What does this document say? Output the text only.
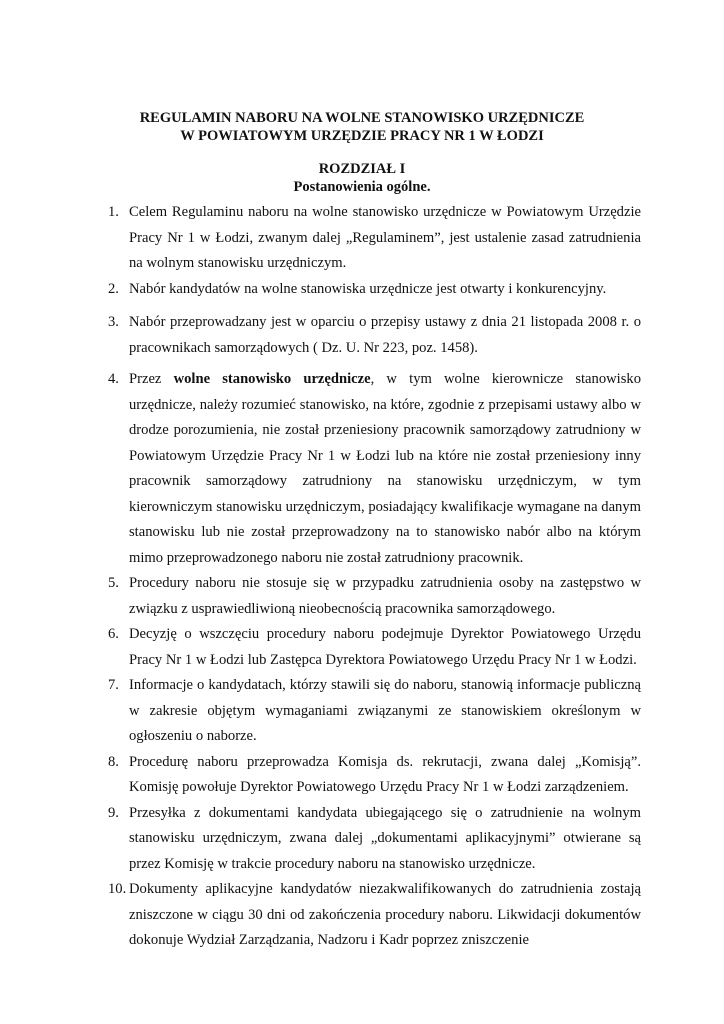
REGULAMIN NABORU NA WOLNE STANOWISKO URZĘDNICZE
W POWIATOWYM URZĘDZIE PRACY NR 1 W ŁODZI
ROZDZIAŁ I
Postanowienia ogólne.
1. Celem Regulaminu naboru na wolne stanowisko urzędnicze w Powiatowym Urzędzie Pracy Nr 1 w Łodzi, zwanym dalej „Regulaminem”, jest ustalenie zasad zatrudnienia na wolnym stanowisku urzędniczym.
2. Nabór kandydatów na wolne stanowiska urzędnicze jest otwarty i konkurencyjny.
3. Nabór przeprowadzany jest w oparciu o przepisy ustawy z dnia 21 listopada 2008 r. o pracownikach samorządowych ( Dz. U. Nr 223, poz. 1458).
4. Przez wolne stanowisko urzędnicze, w tym wolne kierownicze stanowisko urzędnicze, należy rozumieć stanowisko, na które, zgodnie z przepisami ustawy albo w drodze porozumienia, nie został przeniesiony pracownik samorządowy zatrudniony w Powiatowym Urzędzie Pracy Nr 1 w Łodzi lub na które nie został przeniesiony inny pracownik samorządowy zatrudniony na stanowisku urzędniczym, w tym kierowniczym stanowisku urzędniczym, posiadający kwalifikacje wymagane na danym stanowisku lub nie został przeprowadzony na to stanowisko nabór albo na którym mimo przeprowadzonego naboru nie został zatrudniony pracownik.
5. Procedury naboru nie stosuje się w przypadku zatrudnienia osoby na zastępstwo w związku z usprawiedliwioną nieobecnością pracownika samorządowego.
6. Decyzję o wszczęciu procedury naboru podejmuje Dyrektor Powiatowego Urzędu Pracy Nr 1 w Łodzi lub Zastępca Dyrektora Powiatowego Urzędu Pracy Nr 1 w Łodzi.
7. Informacje o kandydatach, którzy stawili się do naboru, stanowią informacje publiczną w zakresie objętym wymaganiami związanymi ze stanowiskiem określonym w ogłoszeniu o naborze.
8. Procedurę naboru przeprowadza Komisja ds. rekrutacji, zwana dalej „Komisją”. Komisję powołuje Dyrektor Powiatowego Urzędu Pracy Nr 1 w Łodzi zarządzeniem.
9. Przesyłka z dokumentami kandydata ubiegającego się o zatrudnienie na wolnym stanowisku urzędniczym, zwana dalej „dokumentami aplikacyjnymi” otwierane są przez Komisję w trakcie procedury naboru na stanowisko urzędnicze.
10. Dokumenty aplikacyjne kandydatów niezakwalifikowanych do zatrudnienia zostają zniszczone w ciągu 30 dni od zakończenia procedury naboru. Likwidacji dokumentów dokonuje Wydział Zarządzania, Nadzoru i Kadr poprzez zniszczenie
